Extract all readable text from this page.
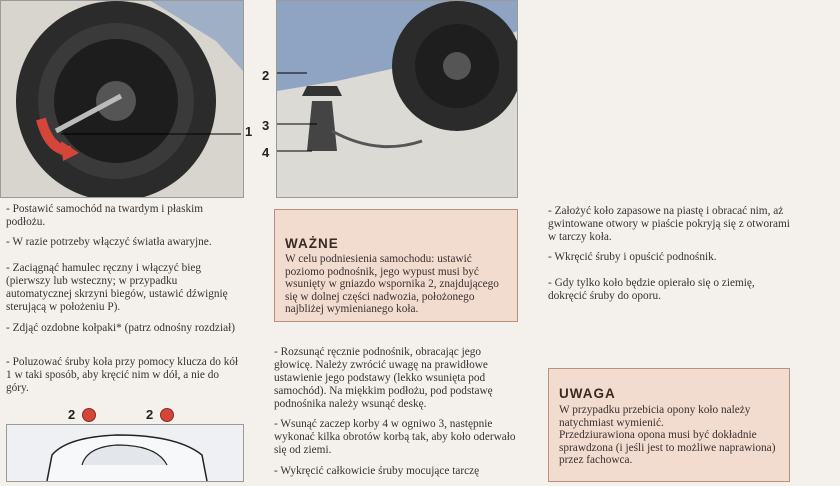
1
2
3
4

- Postawić samochód na twardym i płaskim podłożu.

- W razie potrzeby włączyć światła awaryjne.

- Zaciągnąć hamulec ręczny i włączyć bieg (pierwszy lub wsteczny; w przypadku automatycznej skrzyni biegów, ustawić dźwignię sterującą w położeniu P).

- Zdjąć ozdobne kołpaki* (patrz odnośny rozdział)

- Poluzować śruby koła przy pomocy klucza do kół 1 w taki sposób, aby kręcić nim w dół, a nie do góry.

2	2
WAŻNE

W celu podniesienia samochodu: ustawić poziomo podnośnik, jego wypust musi być wsunięty w gniazdo wspornika 2, znajdującego się w dolnej części nadwozia, położonego najbliżej wymienianego koła.

- Rozsunąć ręcznie podnośnik, obracając jego głowicę. Należy zwrócić uwagę na prawidłowe ustawienie jego podstawy (lekko wsunięta pod samochód). Na miękkim podłożu, pod podstawę podnośnika należy wsunąć deskę.

- Wsunąć zaczep korby 4 w ogniwo 3, następnie wykonać kilka obrotów korbą tak, aby koło oderwało się od ziemi.

- Wykręcić całkowicie śruby mocujące tarczę

- Założyć koło zapasowe na piastę i obracać nim, aż gwintowane otwory w piaście pokryją się z otworami w tarczy koła.

- Wkręcić śruby i opuścić podnośnik.

- Gdy tylko koło będzie opierało się o ziemię, dokręcić śruby do oporu.

UWAGA

W przypadku przebicia opony koło należy natychmiast wymienić.

Przedziurawiona opona musi być dokładnie sprawdzona (i jeśli jest to możliwe naprawiona) przez fachowca.
